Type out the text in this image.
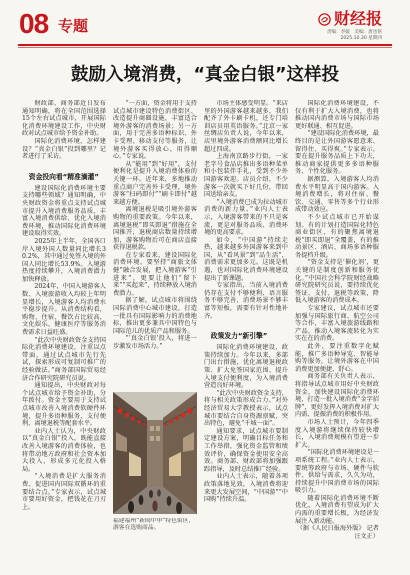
08 专题	财经报
责编：李媛　美编：唐也铭
2025.10.30 星期四
鼓励入境消费，“真金白银”这样投

财政部、商务部近日发布通知明确，将在全国范围选择15个左右试点城市，开展国际化消费环境建设工作，中央财政对试点城市给予资金补助。

国际化消费环境，怎样建设？“真金白银”投到哪里？记者进行了采访。

资金投向看“精准滴灌”

建设国际化消费环境主要支持哪些领域？通知明确，中央财政资金将重点支持试点城市提升入境消费服务品质、丰富入境消费供给、优化入境消费环境，推动国际化消费环境建设取得实效。

2025年上半年，全国各口岸入境外国人数量同比增长30.2%，其中通过免签入境的外国人同比增长53.9%。入境游热度持续攀升，入境消费潜力加快释放。

2024年，中国入境游客人数、入境旅游收入均较上年明显增长，入境游客人均消费水平稳步提升。从消费结构看，购物、住宿、餐饮占比较高，文化娱乐、健康医疗等服务消费需求日益旺盛。

“此次中央财政资金支持国际化消费环境建设，注重以点带面，通过试点城市先行先试，探索形成可复制可推广的经验做法。”商务部国际贸易经济合作研究院研究员说。

通知提出，中央财政对每个试点城市给予资金补助，分年拨付。资金主要用于支持试点城市改善入境消费软硬件环境，提升多语种服务、支付便利、离境退税等配套水平。

业内人士认为，中央财政以“真金白银”投入，既能直接改善入境游客的消费体验，也将带动地方政府和社会资本加大投入，形成多元化投入格局。

“入境消费是扩大服务消费、促进国内国际双循环的重要结合点。”专家表示，试点城市要用好资金，把钱花在刀刃上。

“一方面，资金将用于支持试点城市建设特色消费街区、改造提升商圈设施，丰富适合境外游客的消费场景；另一方面，用于完善多语种标识、外卡受理、移动支付等服务，让境外游客买得放心、用得顺心。”专家说。

从“能用”到“好用”，支付便利化是提升入境消费体验的关键一环。近年来，多地推动重点商户完善外卡受理，境外游客“扫码即付”“刷卡即付”越来越方便。

离境退税是吸引境外游客购物的重要政策。今年以来，离境退税“即买即退”措施在全国推开，退税商店数量持续增加，游客购物后可在商店直接获得退税款。

在专家看来，建设国际化消费环境，要坚持“商旅文体健”融合发展，把入境游客“引进来”，更要让他们“留下来”“买起来”，持续释放入境消费潜力。

据了解，试点城市将围绕国际消费中心城市建设，打造一批具有国际影响力的消费地标，推出更多兼具中国特色与国际范儿的优质产品和服务。

“‘真金白银’投入，将进一步激发市场活力。”

福建福州“新闽中申”特色街区，游客在选购商品。

市场主体感受明显。“来店里的外国游客越来越多，我们配齐了外卡刷卡机，还专门培训店员用英语服务。”北京一家丝绸店负责人说，今年以来，店里境外游客消费额同比增长超过四成。

上海南京路步行街，一家老字号食品店推出多语种菜单和小包装伴手礼，受到不少外国游客欢迎。店员介绍，不少游客一次就买下好几份，带回国送给亲友。

“入境消费已成为拉动城市消费的新力量。”业内人士表示，入境游客带来的不只是客流，更是对服务品质、消费环境的更高要求。

如今，“中国游”持续走热，越来越多外国游客来到中国，从“看风景”到“品生活”，消费需求更加多元。这既是机遇，也对国际化消费环境建设提出了新课题。

专家指出，当前入境消费仍存在支付不够便利、语言服务不够完善、消费场景不够丰富等短板，需要有针对性地补齐。

政策发力“新引擎”

国际化消费环境建设，政策持续加力。今年以来，多部门出台措施，优化离境退税政策、扩大免签国家范围、提升入境支付便利度，为入境消费营造良好环境。

“此次中央财政资金支持，将与相关政策形成合力。”对外经济贸易大学教授表示，试点城市要结合自身资源禀赋，突出特色，避免“千城一面”。

通知要求，试点城市要制定建设方案，明确目标任务和工作举措，强化资金监管和绩效评价，确保资金使用安全高效。商务部、财政部将加强跟踪指导，及时总结推广经验。

业内人士表示，随着各项政策落地见效，入境消费将迎来更大发展空间，“中国游”“中国购”持续升温。

国际化消费环境建设，不仅有利于扩大入境消费，也将推动国内消费市场与国际市场更好联通、相互促进。

“建设国际化消费环境，最终目的是让外国游客愿意来、留得住、买得爽。”专家表示，要在提升服务品质上下功夫，推动商家提供更多多语种服务、个性化服务。

据测算，入境游客人均消费水平明显高于国内游客。入境消费增长，将对住宿、餐饮、交通、零售等多个行业形成带动效应。

不少试点城市已开始谋划。有的计划打造国际化特色商业街区，有的聚焦离境退税“即买即退”全覆盖，有的推动景区、酒店、商场多语种服务提档升级。

“资金支持是‘催化剂’，更关键的是制度创新和服务优化。”中国社会科学院财经战略研究院研究员说，要持续优化签证、支付、退税等政策，降低入境游客的消费成本。

专家建议，试点城市还要加强与国际旅行商、航空公司等合作，丰富入境旅游线路和产品，推动入境客流转化为实实在在的消费。

此外，要注重数字化赋能，推广多语种导览、智能导购等服务，让境外游客在中国消费更加便捷、舒心。

商务部有关负责人表示，将指导试点城市用好中央财政资金，加快建设国际化消费环境，打造一批入境消费“金字招牌”，更好发挥入境消费对扩大内需、提振消费的积极作用。

市场人士预计，今年四季度入境游将继续保持较快增长，入境消费规模有望进一步扩大。

“国际化消费环境建设是一项系统工程。”业内人士表示，要统筹政府与市场、硬件与软件、供给与需求，久久为功，持续提升中国消费市场的国际吸引力。

随着国际化消费环境不断优化，入境消费有望成为扩大内需的重要增长极，为经济发展注入新动能。

（据《人民日报海外版》 记者 汪文正）
